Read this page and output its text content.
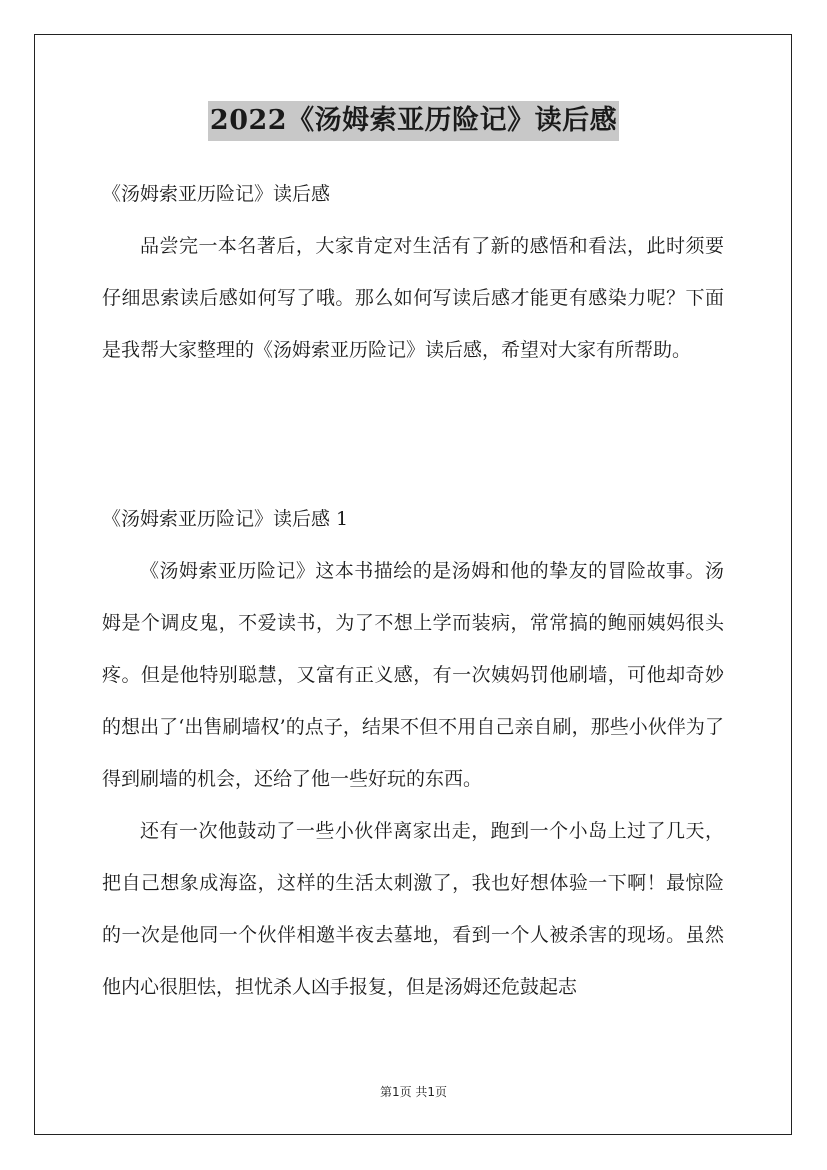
2022《汤姆索亚历险记》读后感

《汤姆索亚历险记》读后感

品尝完一本名著后，大家肯定对生活有了新的感悟和看法，此时须要仔细思索读后感如何写了哦。那么如何写读后感才能更有感染力呢？下面是我帮大家整理的《汤姆索亚历险记》读后感，希望对大家有所帮助。

《汤姆索亚历险记》读后感 1

《汤姆索亚历险记》这本书描绘的是汤姆和他的挚友的冒险故事。汤姆是个调皮鬼，不爱读书，为了不想上学而装病，常常搞的鲍丽姨妈很头疼。但是他特别聪慧，又富有正义感，有一次姨妈罚他刷墙，可他却奇妙的想出了‘出售刷墙权’的点子，结果不但不用自己亲自刷，那些小伙伴为了得到刷墙的机会，还给了他一些好玩的东西。

还有一次他鼓动了一些小伙伴离家出走，跑到一个小岛上过了几天，把自己想象成海盗，这样的生活太刺激了，我也好想体验一下啊！最惊险的一次是他同一个伙伴相邀半夜去墓地，看到一个人被杀害的现场。虽然他内心很胆怯，担忧杀人凶手报复，但是汤姆还危鼓起志

第1页 共1页
